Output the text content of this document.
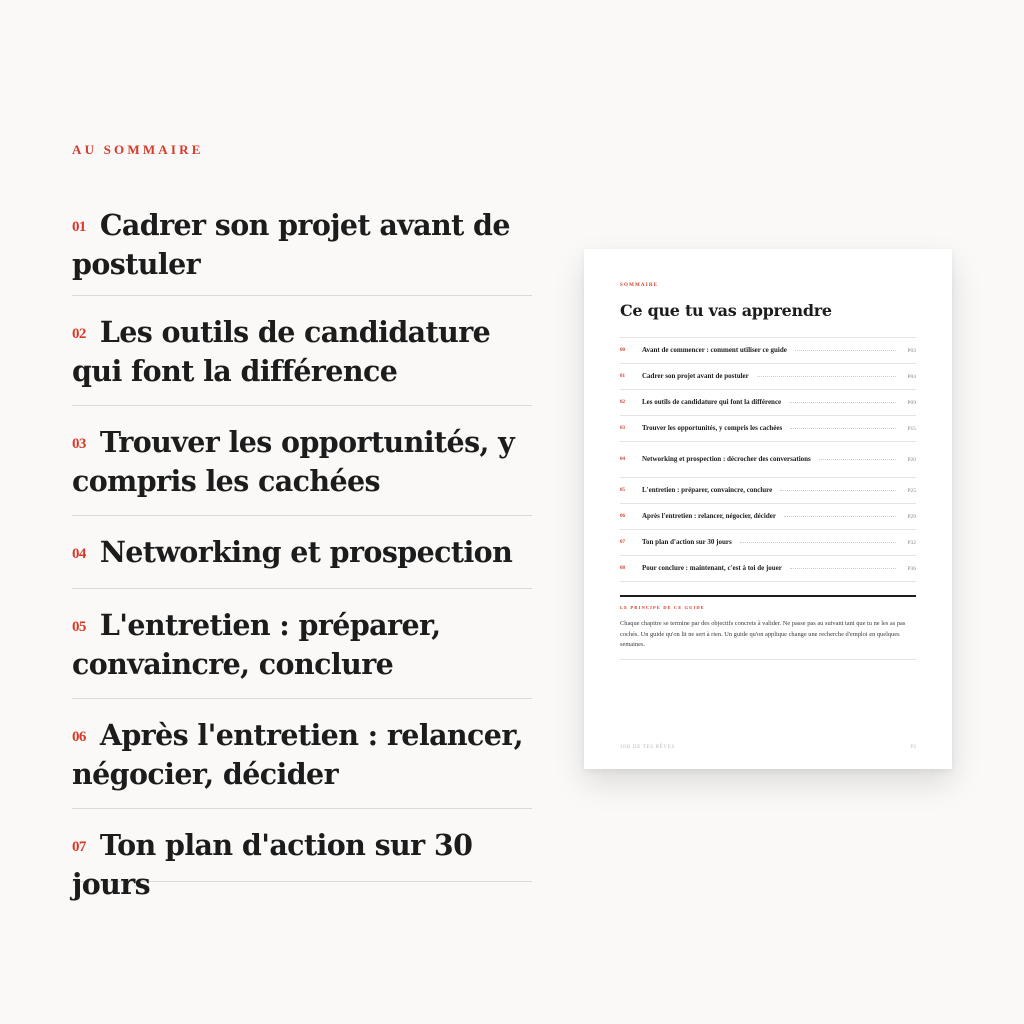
AU SOMMAIRE
01 Cadrer son projet avant de postuler
02 Les outils de candidature qui font la différence
03 Trouver les opportunités, y compris les cachées
04 Networking et prospection
05 L'entretien : préparer, convaincre, conclure
06 Après l'entretien : relancer, négocier, décider
07 Ton plan d'action sur 30 jours
SOMMAIRE
Ce que tu vas apprendre
00	Avant de commencer : comment utiliser ce guide	P03
01	Cadrer son projet avant de postuler	P04
02	Les outils de candidature qui font la différence	P09
03	Trouver les opportunités, y compris les cachées	P15
04	Networking et prospection : décrocher des conversations	P20
05	L'entretien : préparer, convaincre, conclure	P25
06	Après l'entretien : relancer, négocier, décider	P29
07	Ton plan d'action sur 30 jours	P32
08	Pour conclure : maintenant, c'est à toi de jouer	P36
LE PRINCIPE DE CE GUIDE
Chaque chapitre se termine par des objectifs concrets à valider. Ne passe pas au suivant tant que tu ne les as pas cochés. Un guide qu'on lit ne sert à rien. Un guide qu'on applique change une recherche d'emploi en quelques semaines.
JOB DE TES RÊVES	P2
